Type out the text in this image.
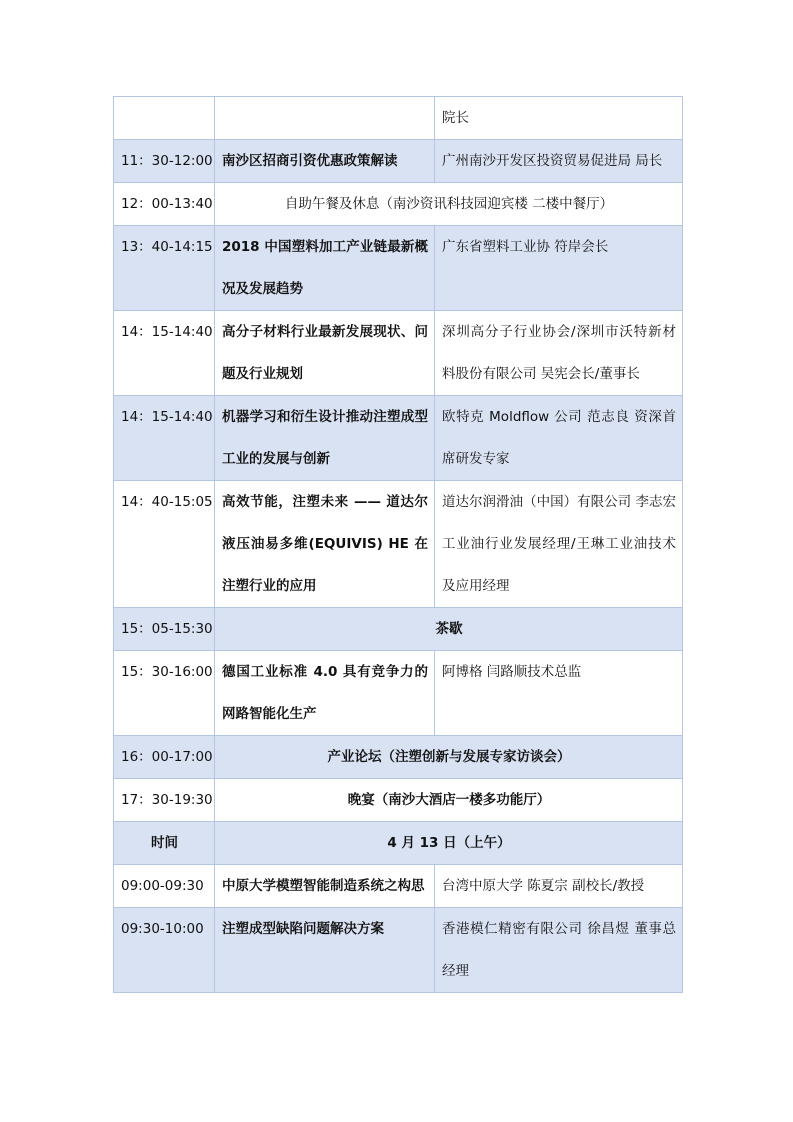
		院长
11：30-12:00	南沙区招商引资优惠政策解读	广州南沙开发区投资贸易促进局 局长
12：00-13:40	自助午餐及休息（南沙资讯科技园迎宾楼 二楼中餐厅）	
13：40-14:15	2018 中国塑料加工产业链最新概况及发展趋势	广东省塑料工业协 符岸会长
14：15-14:40	高分子材料行业最新发展现状、问题及行业规划	深圳高分子行业协会/深圳市沃特新材料股份有限公司 吴宪会长/董事长
14：15-14:40	机器学习和衍生设计推动注塑成型工业的发展与创新	欧特克 Moldflow 公司 范志良 资深首席研发专家
14：40-15:05	高效节能，注塑未来 —— 道达尔液压油易多维(EQUIVIS) HE 在注塑行业的应用	道达尔润滑油（中国）有限公司 李志宏工业油行业发展经理/王琳工业油技术及应用经理
15：05-15:30	茶歇	
15：30-16:00	德国工业标准 4.0 具有竞争力的网路智能化生产	阿博格 闫路顺技术总监
16：00-17:00	产业论坛（注塑创新与发展专家访谈会）	
17：30-19:30	晚宴（南沙大酒店一楼多功能厅）	
时间	4 月 13 日（上午）	
09:00-09:30	中原大学模塑智能制造系统之构思	台湾中原大学 陈夏宗 副校长/教授
09:30-10:00	注塑成型缺陷问题解决方案	香港模仁精密有限公司 徐昌煜 董事总经理
